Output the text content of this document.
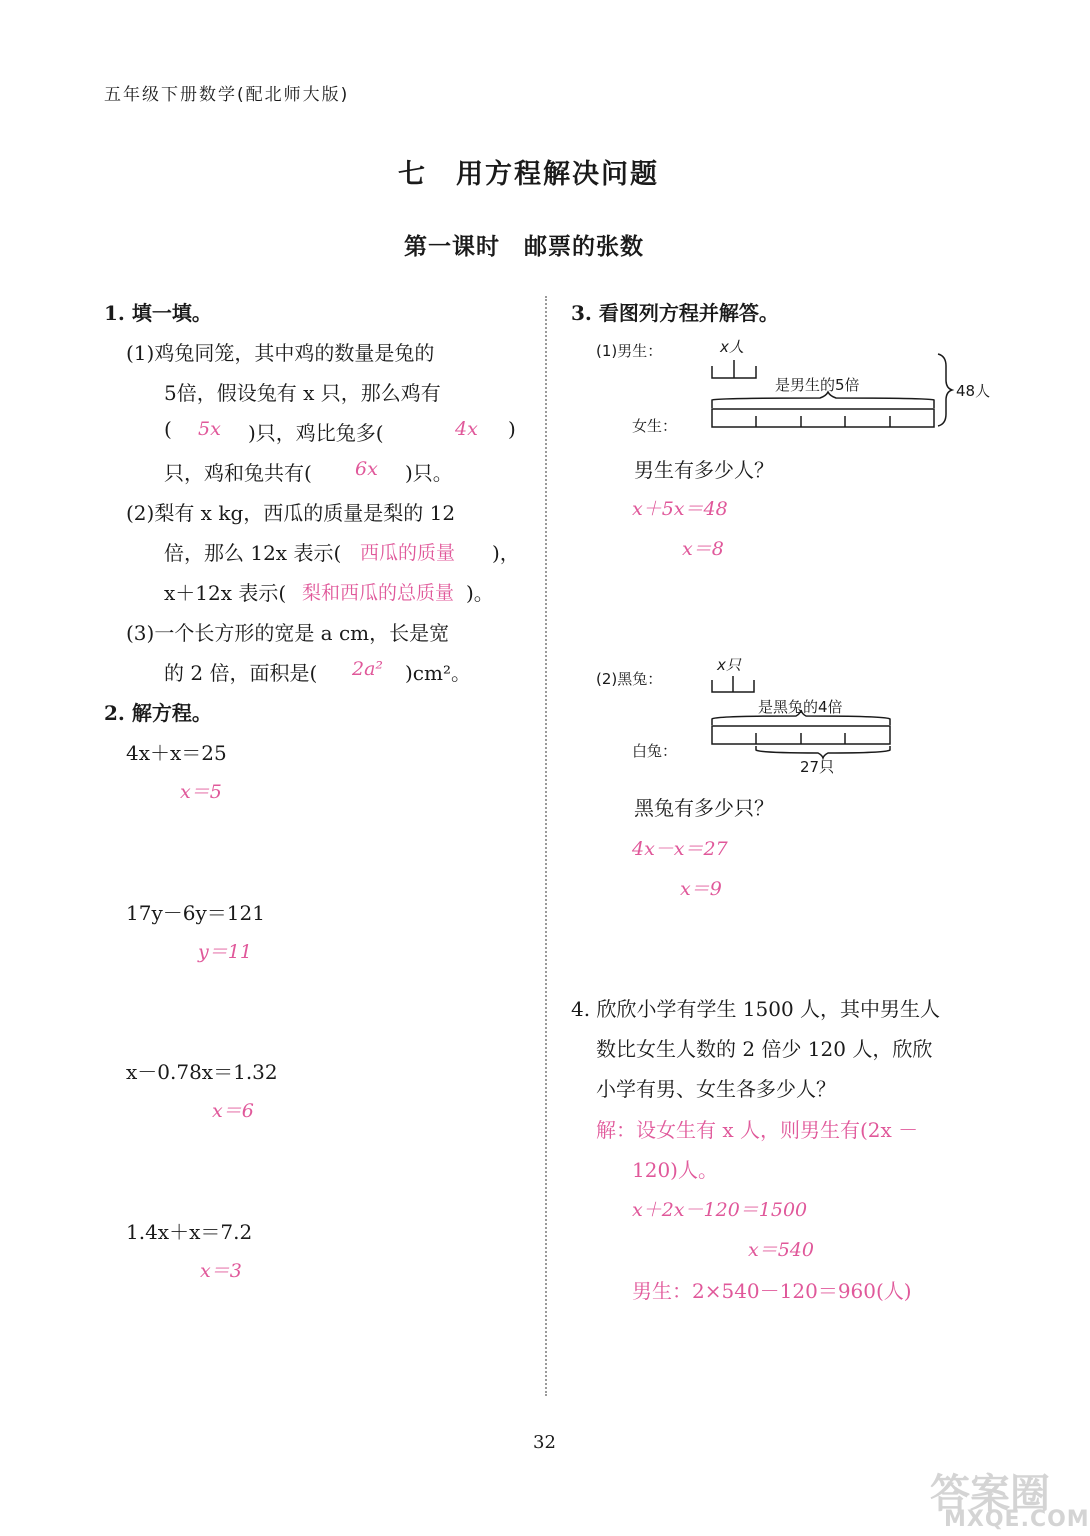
五年级下册数学(配北师大版)
七　用方程解决问题
第一课时　邮票的张数
1. 填一填。
(1)鸡兔同笼，其中鸡的数量是兔的
5倍，假设兔有 x 只，那么鸡有
( 5x )只，鸡比兔多(	4x )
只，鸡和兔共有( 6x )只。
(2)梨有 x kg，西瓜的质量是梨的 12
倍，那么 12x 表示( 西瓜的质量 )，
x＋12x 表示( 梨和西瓜的总质量 )。
(3)一个长方形的宽是 a cm，长是宽
的 2 倍，面积是( 2a² )cm²。
2. 解方程。
4x＋x＝25
x＝5
17y－6y＝121
y＝11
x－0.78x＝1.32
x＝6
1.4x＋x＝7.2
x＝3
3. 看图列方程并解答。
(1)男生：	x人
是男生的5倍
女生：
48人
男生有多少人？
x＋5x＝48
x＝8
(2)黑兔：
x只
是黑兔的4倍
白兔：
27只
黑兔有多少只？
4x－x＝27
x＝9
4. 欣欣小学有学生 1500 人，其中男生人
数比女生人数的 2 倍少 120 人，欣欣
小学有男、女生各多少人？
解：设女生有 x 人，则男生有(2x －
120)人。
x＋2x－120＝1500
x＝540
男生：2×540－120＝960(人)
32
答案圈
MXQE.COM
